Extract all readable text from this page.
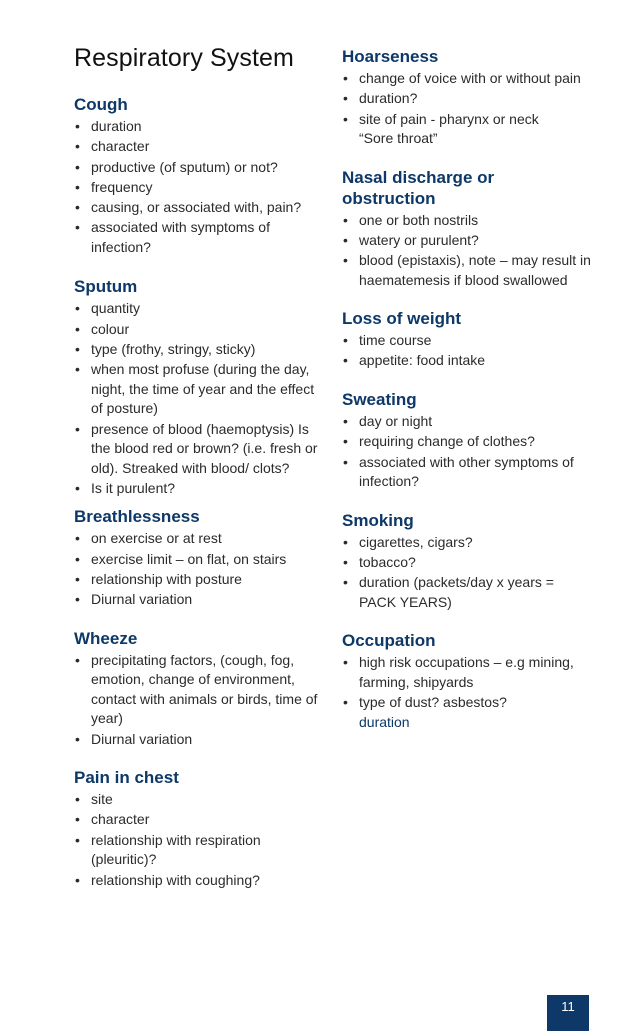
Respiratory System
Cough
• duration
• character
• productive (of sputum) or not?
• frequency
• causing, or associated with, pain?
• associated with symptoms of infection?
Sputum
• quantity
• colour
• type (frothy, stringy, sticky)
• when most profuse (during the day, night, the time of year and the effect of posture)
• presence of blood (haemoptysis) Is the blood red or brown? (i.e. fresh or old). Streaked with blood/ clots?
• Is it purulent?
Breathlessness
• on exercise or at rest
• exercise limit – on flat, on stairs
• relationship with posture
• Diurnal variation
Wheeze
• precipitating factors, (cough, fog, emotion, change of environment, contact with animals or birds, time of year)
• Diurnal variation
Pain in chest
• site
• character
• relationship with respiration (pleuritic)?
• relationship with coughing?
Hoarseness
• change of voice with or without pain
• duration?
• site of pain - pharynx or neck “Sore throat”
Nasal discharge or obstruction
• one or both nostrils
• watery or purulent?
• blood (epistaxis), note – may result in haematemesis if blood swallowed
Loss of weight
• time course
• appetite: food intake
Sweating
• day or night
• requiring change of clothes?
• associated with other symptoms of infection?
Smoking
• cigarettes, cigars?
• tobacco?
• duration (packets/day x years = PACK YEARS)
Occupation
• high risk occupations – e.g mining, farming, shipyards
• type of dust? asbestos?
duration
11
